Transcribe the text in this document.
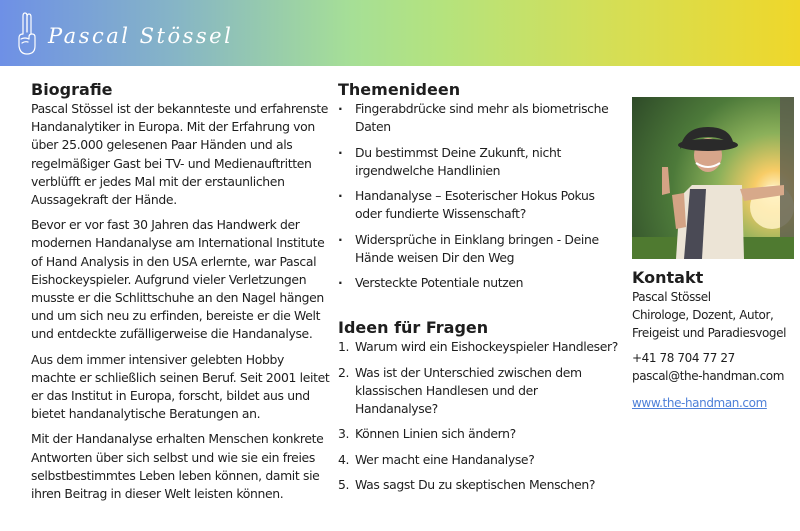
Pascal Stössel
Biografie

Pascal Stössel ist der bekannteste und erfahrenste Handanalytiker in Europa. Mit der Erfahrung von über 25.000 gelesenen Paar Händen und als regelmäßiger Gast bei TV- und Medienauftritten verblüfft er jedes Mal mit der erstaunlichen Aussagekraft der Hände.

Bevor er vor fast 30 Jahren das Handwerk der modernen Handanalyse am International Institute of Hand Analysis in den USA erlernte, war Pascal Eishockeyspieler. Aufgrund vieler Verletzungen musste er die Schlittschuhe an den Nagel hängen und um sich neu zu erfinden, bereiste er die Welt und entdeckte zufälligerweise die Handanalyse.

Aus dem immer intensiver gelebten Hobby machte er schließlich seinen Beruf. Seit 2001 leitet er das Institut in Europa, forscht, bildet aus und bietet handanalytische Beratungen an.

Mit der Handanalyse erhalten Menschen konkrete Antworten über sich selbst und wie sie ein freies selbstbestimmtes Leben leben können, damit sie ihren Beitrag in dieser Welt leisten können.

Themenideen
· Fingerabdrücke sind mehr als biometrische Daten
· Du bestimmst Deine Zukunft, nicht irgendwelche Handlinien
· Handanalyse – Esoterischer Hokus Pokus oder fundierte Wissenschaft?
· Widersprüche in Einklang bringen - Deine Hände weisen Dir den Weg
· Versteckte Potentiale nutzen
Ideen für Fragen
1. Warum wird ein Eishockeyspieler Handleser?
2. Was ist der Unterschied zwischen dem klassischen Handlesen und der Handanalyse?
3. Können Linien sich ändern?
4. Wer macht eine Handanalyse?
5. Was sagst Du zu skeptischen Menschen?
Kontakt
Pascal Stössel
Chirologe, Dozent, Autor,
Freigeist und Paradiesvogel
+41 78 704 77 27
pascal@the-handman.com
www.the-handman.com
